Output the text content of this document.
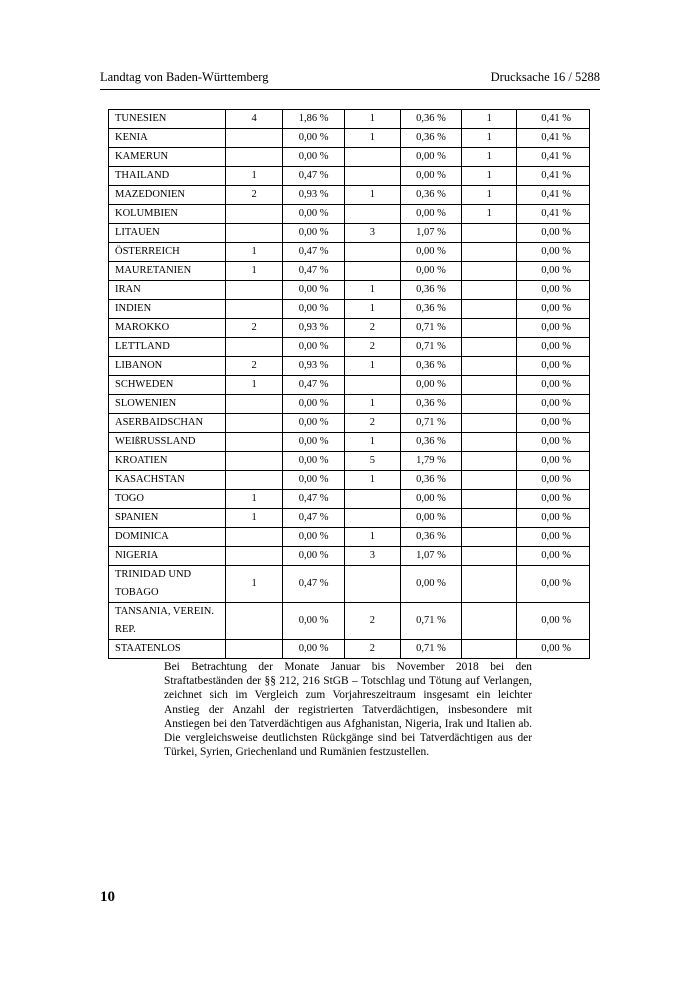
Landtag von Baden-Württemberg	Drucksache 16 / 5288
TUNESIEN	4	1,86 %	1	0,36 %	1	0,41 %
KENIA		0,00 %	1	0,36 %	1	0,41 %
KAMERUN		0,00 %		0,00 %	1	0,41 %
THAILAND	1	0,47 %		0,00 %	1	0,41 %
MAZEDONIEN	2	0,93 %	1	0,36 %	1	0,41 %
KOLUMBIEN		0,00 %		0,00 %	1	0,41 %
LITAUEN		0,00 %	3	1,07 %		0,00 %
ÖSTERREICH	1	0,47 %		0,00 %		0,00 %
MAURETANIEN	1	0,47 %		0,00 %		0,00 %
IRAN		0,00 %	1	0,36 %		0,00 %
INDIEN		0,00 %	1	0,36 %		0,00 %
MAROKKO	2	0,93 %	2	0,71 %		0,00 %
LETTLAND		0,00 %	2	0,71 %		0,00 %
LIBANON	2	0,93 %	1	0,36 %		0,00 %
SCHWEDEN	1	0,47 %		0,00 %		0,00 %
SLOWENIEN		0,00 %	1	0,36 %		0,00 %
ASERBAIDSCHAN		0,00 %	2	0,71 %		0,00 %
WEIßRUSSLAND		0,00 %	1	0,36 %		0,00 %
KROATIEN		0,00 %	5	1,79 %		0,00 %
KASACHSTAN		0,00 %	1	0,36 %		0,00 %
TOGO	1	0,47 %		0,00 %		0,00 %
SPANIEN	1	0,47 %		0,00 %		0,00 %
DOMINICA		0,00 %	1	0,36 %		0,00 %
NIGERIA		0,00 %	3	1,07 %		0,00 %
TRINIDAD UND TOBAGO	1	0,47 %		0,00 %		0,00 %
TANSANIA, VEREIN. REP.		0,00 %	2	0,71 %		0,00 %
STAATENLOS		0,00 %	2	0,71 %		0,00 %

Bei Betrachtung der Monate Januar bis November 2018 bei den Straftatbeständen der §§ 212, 216 StGB – Totschlag und Tötung auf Verlangen, zeichnet sich im Vergleich zum Vorjahreszeitraum insgesamt ein leichter Anstieg der Anzahl der registrierten Tatverdächtigen, insbesondere mit Anstiegen bei den Tatverdächtigen aus Afghanistan, Nigeria, Irak und Italien ab. Die vergleichsweise deutlichsten Rückgänge sind bei Tatverdächtigen aus der Türkei, Syrien, Griechenland und Rumänien festzustellen.

10
